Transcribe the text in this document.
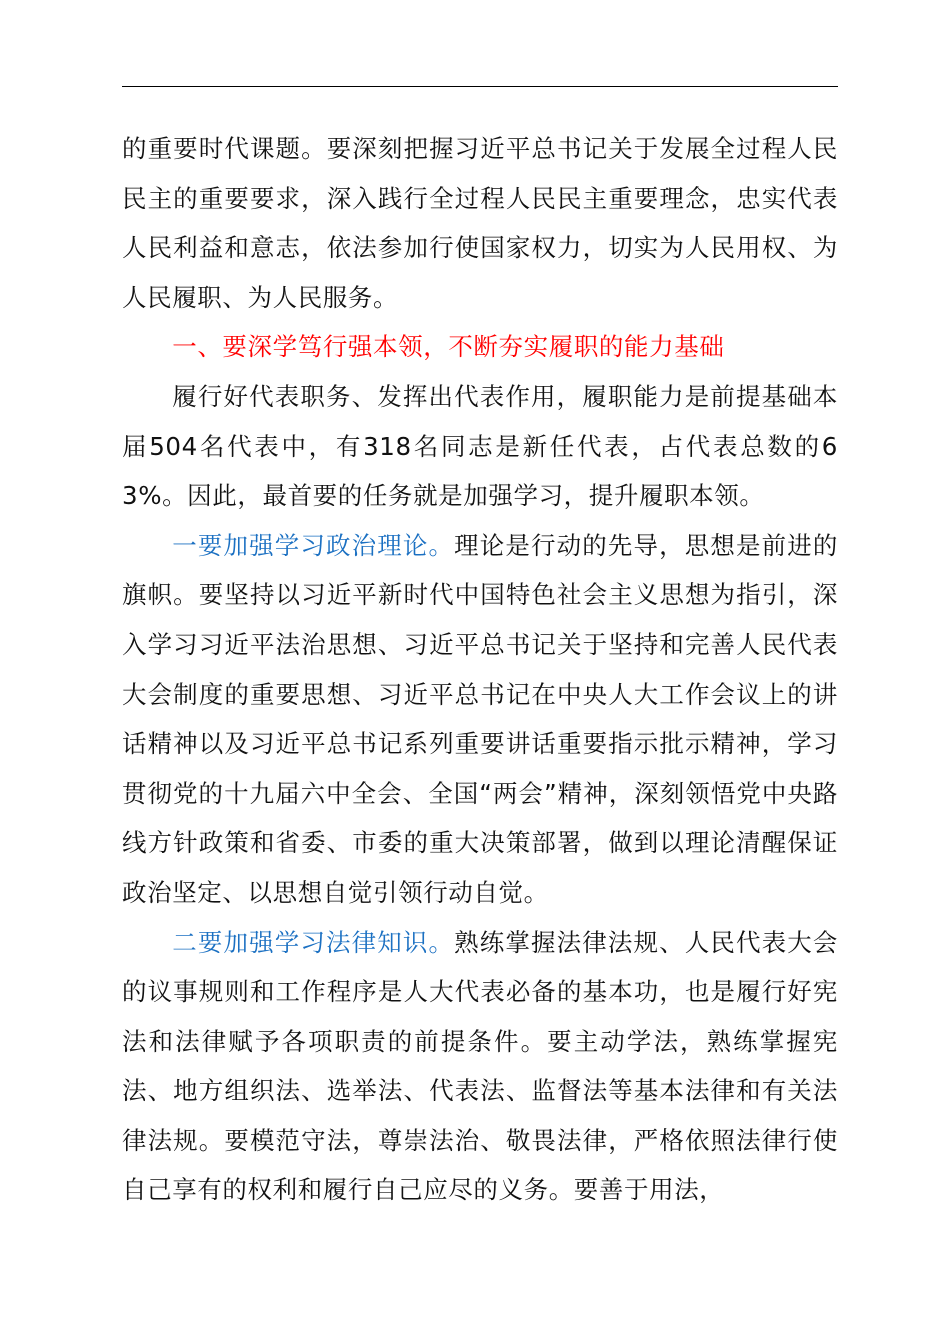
的重要时代课题。要深刻把握习近平总书记关于发展全过程人民民主的重要要求，深入践行全过程人民民主重要理念，忠实代表人民利益和意志，依法参加行使国家权力，切实为人民用权、为人民履职、为人民服务。

一、要深学笃行强本领，不断夯实履职的能力基础

履行好代表职务、发挥出代表作用，履职能力是前提基础本届504名代表中，有318名同志是新任代表，占代表总数的63%。因此，最首要的任务就是加强学习，提升履职本领。

一要加强学习政治理论。理论是行动的先导，思想是前进的旗帜。要坚持以习近平新时代中国特色社会主义思想为指引，深入学习习近平法治思想、习近平总书记关于坚持和完善人民代表大会制度的重要思想、习近平总书记在中央人大工作会议上的讲话精神以及习近平总书记系列重要讲话重要指示批示精神，学习贯彻党的十九届六中全会、全国“两会”精神，深刻领悟党中央路线方针政策和省委、市委的重大决策部署，做到以理论清醒保证政治坚定、以思想自觉引领行动自觉。

二要加强学习法律知识。熟练掌握法律法规、人民代表大会的议事规则和工作程序是人大代表必备的基本功，也是履行好宪法和法律赋予各项职责的前提条件。要主动学法，熟练掌握宪法、地方组织法、选举法、代表法、监督法等基本法律和有关法律法规。要模范守法，尊崇法治、敬畏法律，严格依照法律行使自己享有的权利和履行自己应尽的义务。要善于用法，
